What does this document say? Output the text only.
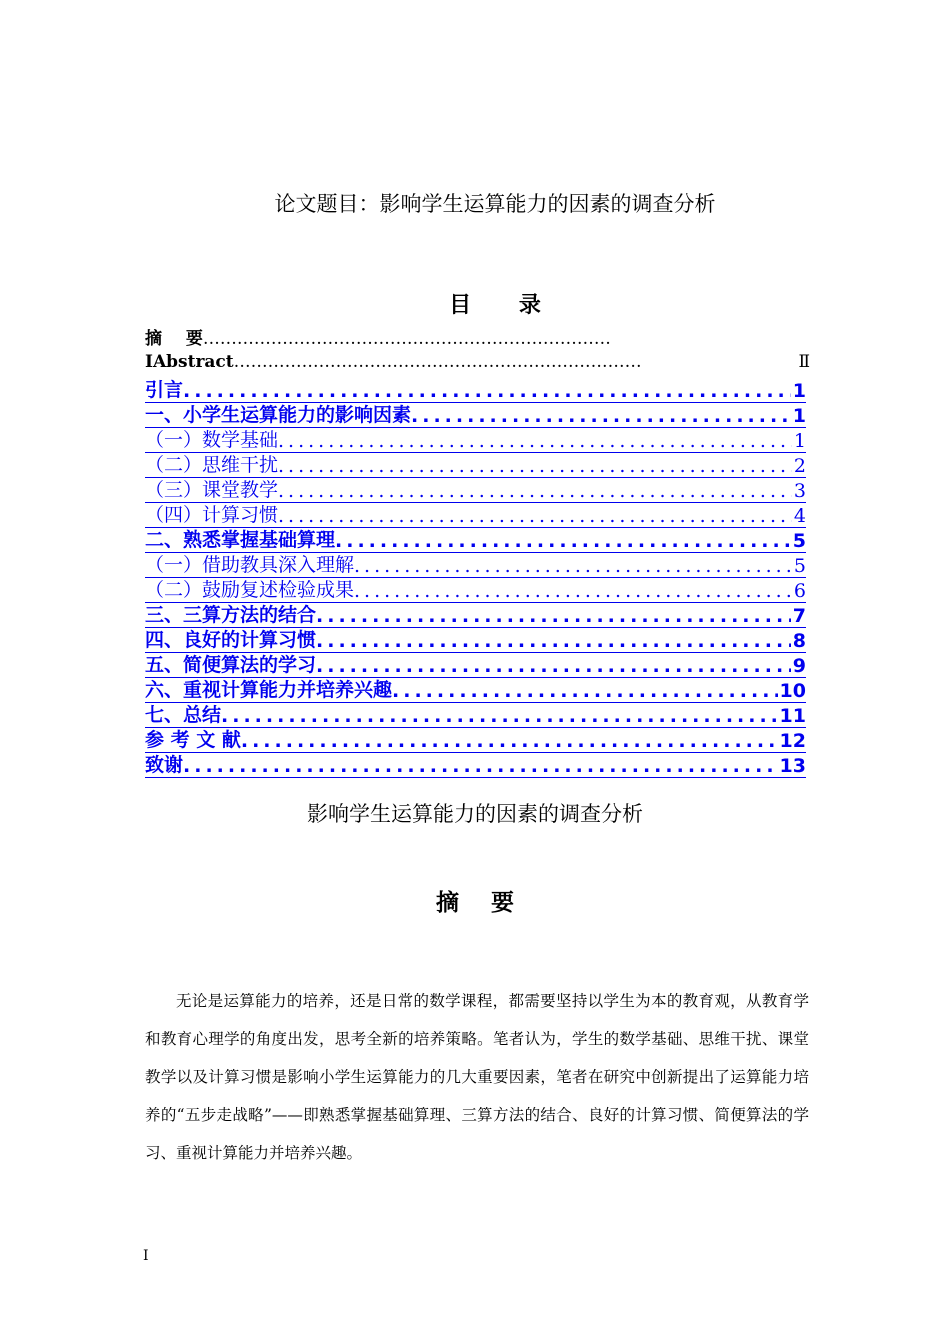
论文题目：影响学生运算能力的因素的调查分析
目 录
摘 要 ………………………………………………………………
ⅠAbstract ………………………………………………………………	Ⅱ
引言 .....	1
一、小学生运算能力的影响因素 .....	1
（一）数学基础 .....	1
（二）思维干扰 .....	2
（三）课堂教学 .....	3
（四）计算习惯 .....	4
二、熟悉掌握基础算理 .....	5
（一）借助教具深入理解 .....	5
（二）鼓励复述检验成果 .....	6
三、三算方法的结合 .....	7
四、良好的计算习惯 .....	8
五、简便算法的学习 .....	9
六、重视计算能力并培养兴趣 .....	10
七、总结 .....	11
参 考 文 献 .....	12
致谢 .....	13
影响学生运算能力的因素的调查分析
摘 要
无论是运算能力的培养，还是日常的数学课程，都需要坚持以学生为本的教育观，从教育学和教育心理学的角度出发，思考全新的培养策略。笔者认为，学生的数学基础、思维干扰、课堂教学以及计算习惯是影响小学生运算能力的几大重要因素，笔者在研究中创新提出了运算能力培养的“五步走战略”——即熟悉掌握基础算理、三算方法的结合、良好的计算习惯、简便算法的学习、重视计算能力并培养兴趣。
I
